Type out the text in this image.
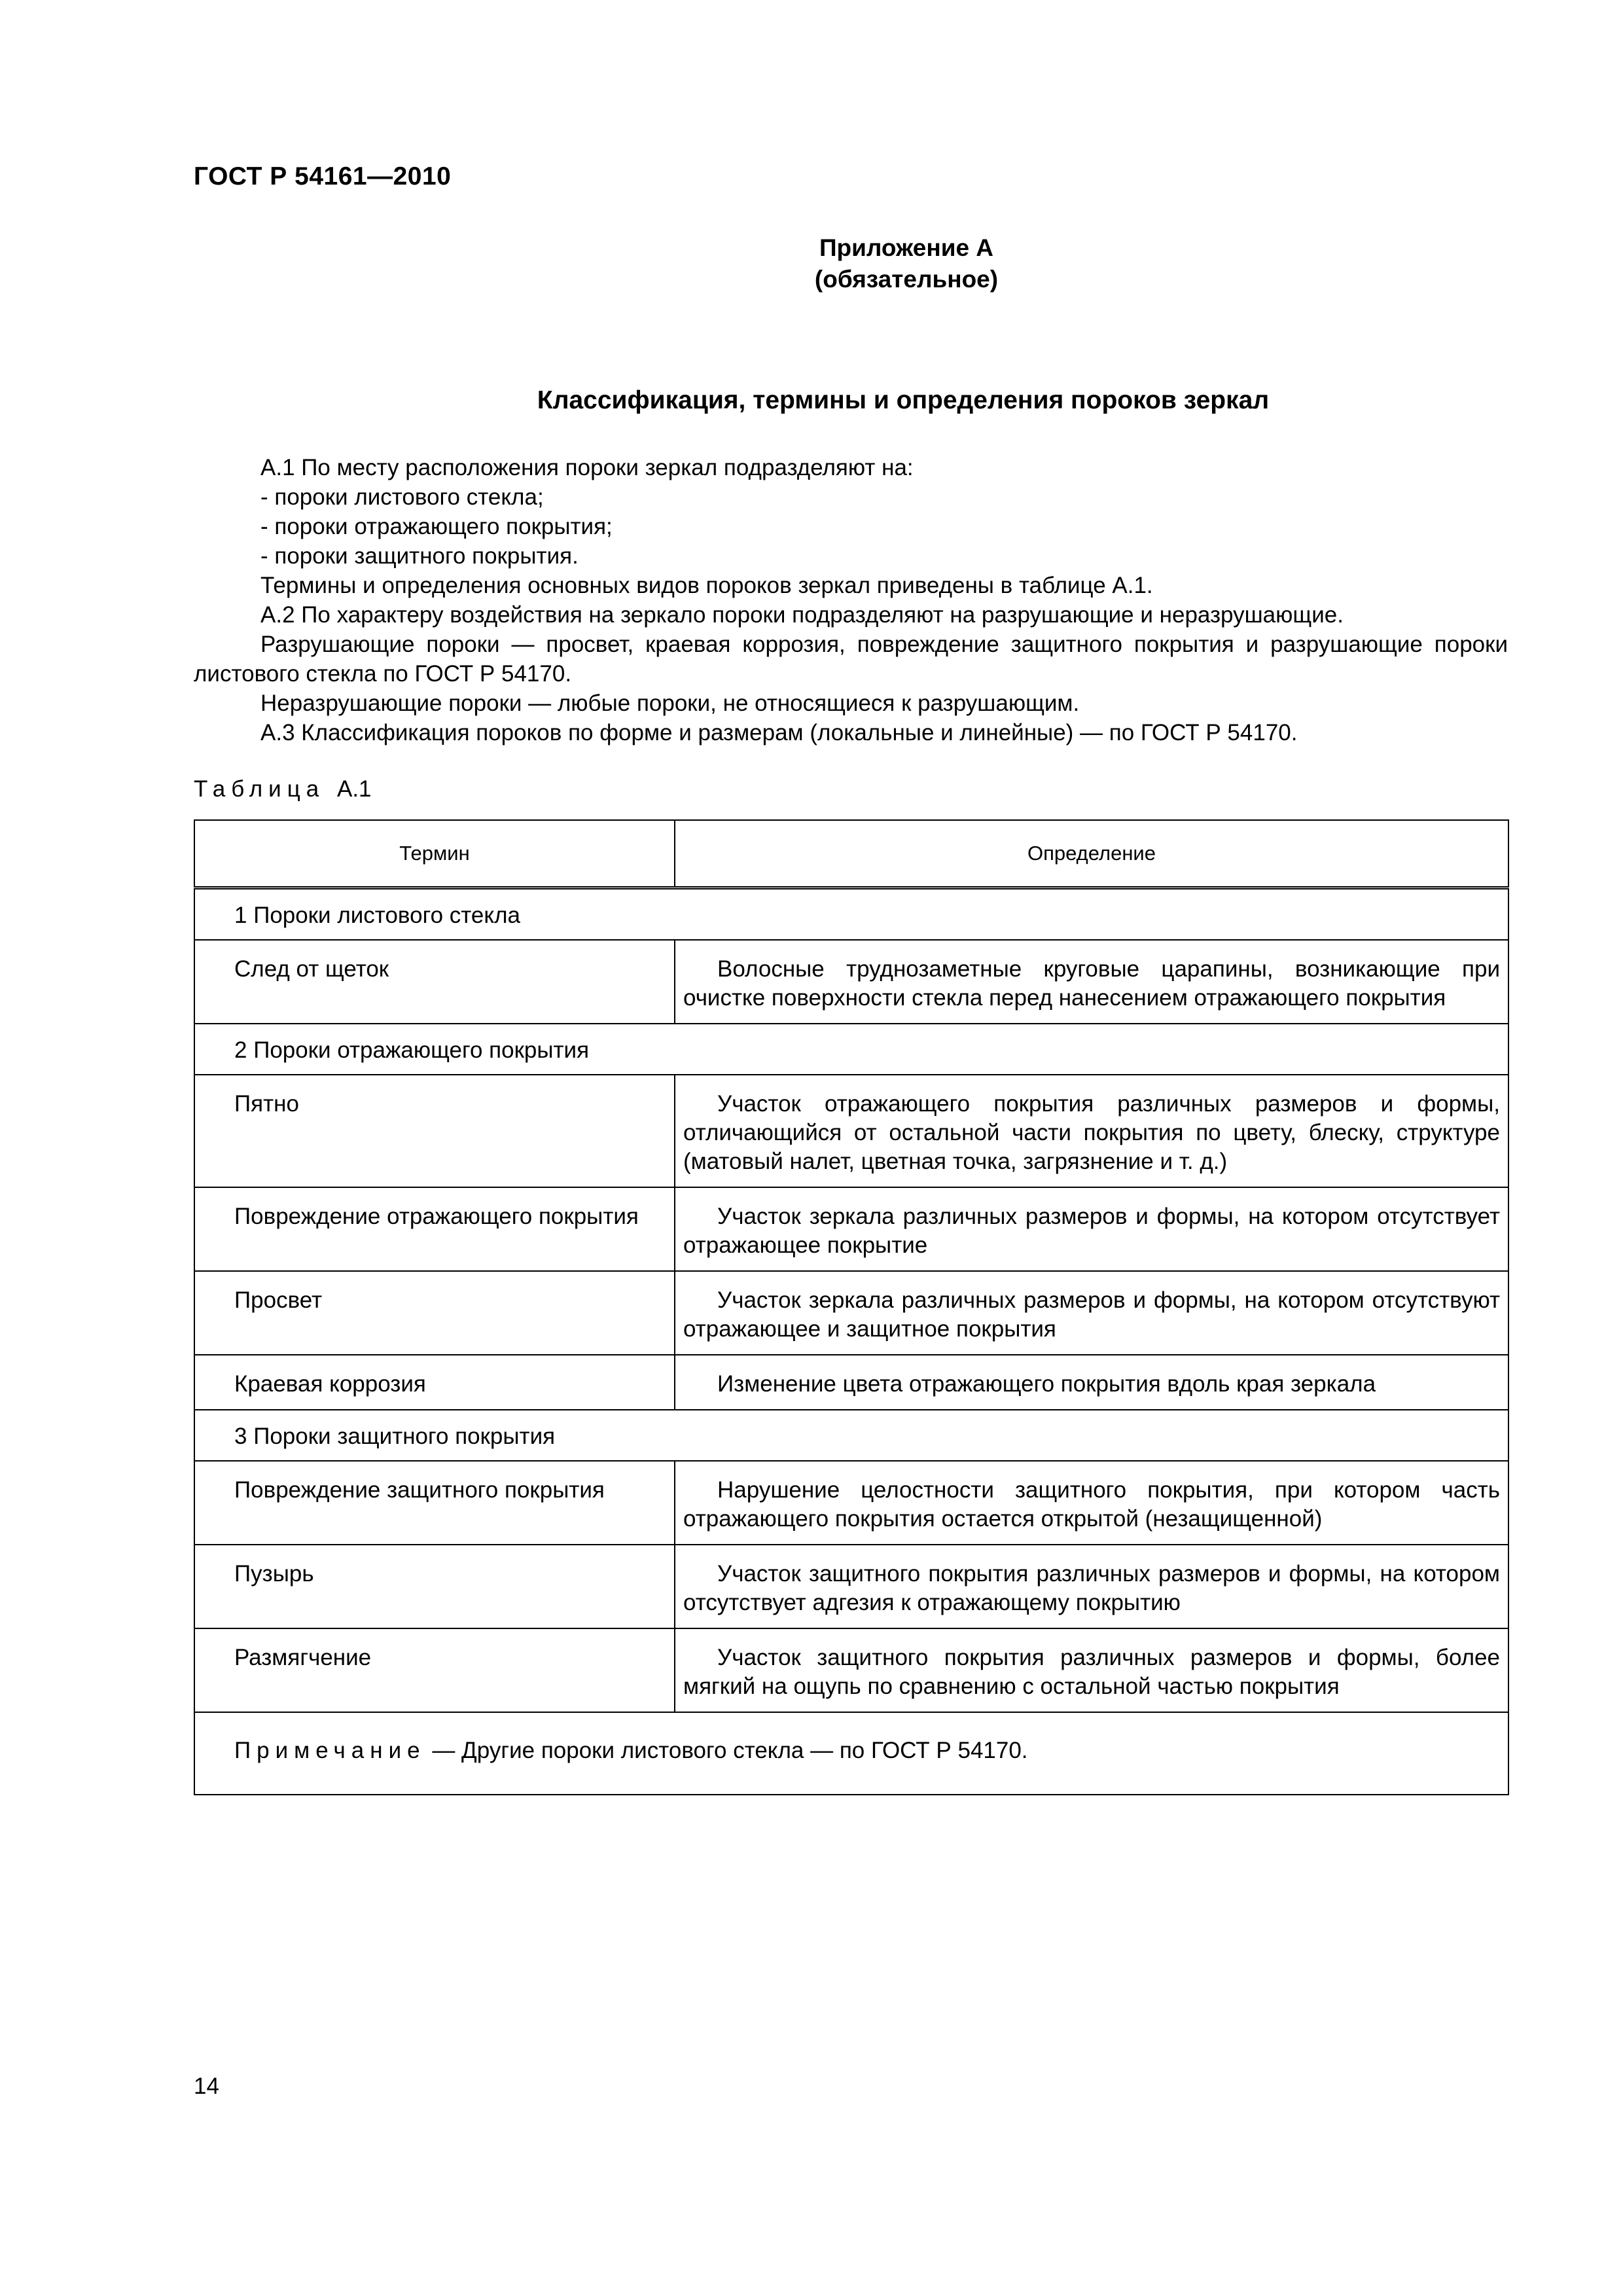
ГОСТ Р 54161—2010
Приложение А
(обязательное)
Классификация, термины и определения пороков зеркал

А.1 По месту расположения пороки зеркал подразделяют на:

- пороки листового стекла;

- пороки отражающего покрытия;

- пороки защитного покрытия.

Термины и определения основных видов пороков зеркал приведены в таблице А.1.

А.2 По характеру воздействия на зеркало пороки подразделяют на разрушающие и неразрушающие.

Разрушающие пороки — просвет, краевая коррозия, повреждение защитного покрытия и разрушающие пороки листового стекла по ГОСТ Р 54170.

Неразрушающие пороки — любые пороки, не относящиеся к разрушающим.

А.3 Классификация пороков по форме и размерам (локальные и линейные) — по ГОСТ Р 54170.

Таблица А.1
Термин	Определение
1 Пороки листового стекла	
След от щеток	Волосные труднозаметные круговые царапины, возникающие при очистке поверхности стекла перед нанесением отражающего покрытия
2 Пороки отражающего покрытия	
Пятно	Участок отражающего покрытия различных размеров и формы, отличающийся от остальной части покрытия по цвету, блеску, структуре (матовый налет, цветная точка, загрязнение и т. д.)
Повреждение отражающего покрытия	Участок зеркала различных размеров и формы, на котором отсутствует отражающее покрытие
Просвет	Участок зеркала различных размеров и формы, на котором отсутствуют отражающее и защитное покрытия
Краевая коррозия	Изменение цвета отражающего покрытия вдоль края зеркала
3 Пороки защитного покрытия	
Повреждение защитного покрытия	Нарушение целостности защитного покрытия, при котором часть отражающего покрытия остается открытой (незащищенной)
Пузырь	Участок защитного покрытия различных размеров и формы, на котором отсутствует адгезия к отражающему покрытию
Размягчение	Участок защитного покрытия различных размеров и формы, более мягкий на ощупь по сравнению с остальной частью покрытия
Примечание — Другие пороки листового стекла — по ГОСТ Р 54170.	
14
